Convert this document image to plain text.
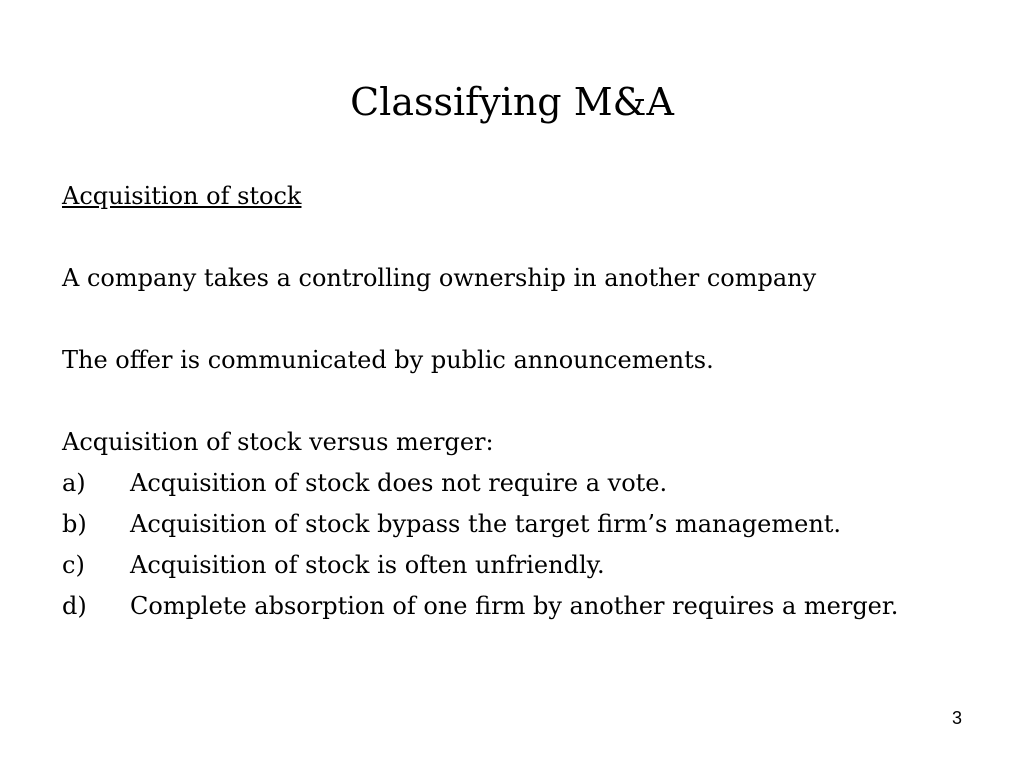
Classifying M&A
Acquisition of stock
A company takes a controlling ownership in another company
The offer is communicated by public announcements.
Acquisition of stock versus merger:
a)	Acquisition of stock does not require a vote.
b)	Acquisition of stock bypass the target firm’s management.
c)	Acquisition of stock is often unfriendly.
d)	Complete absorption of one firm by another requires a merger.
3
